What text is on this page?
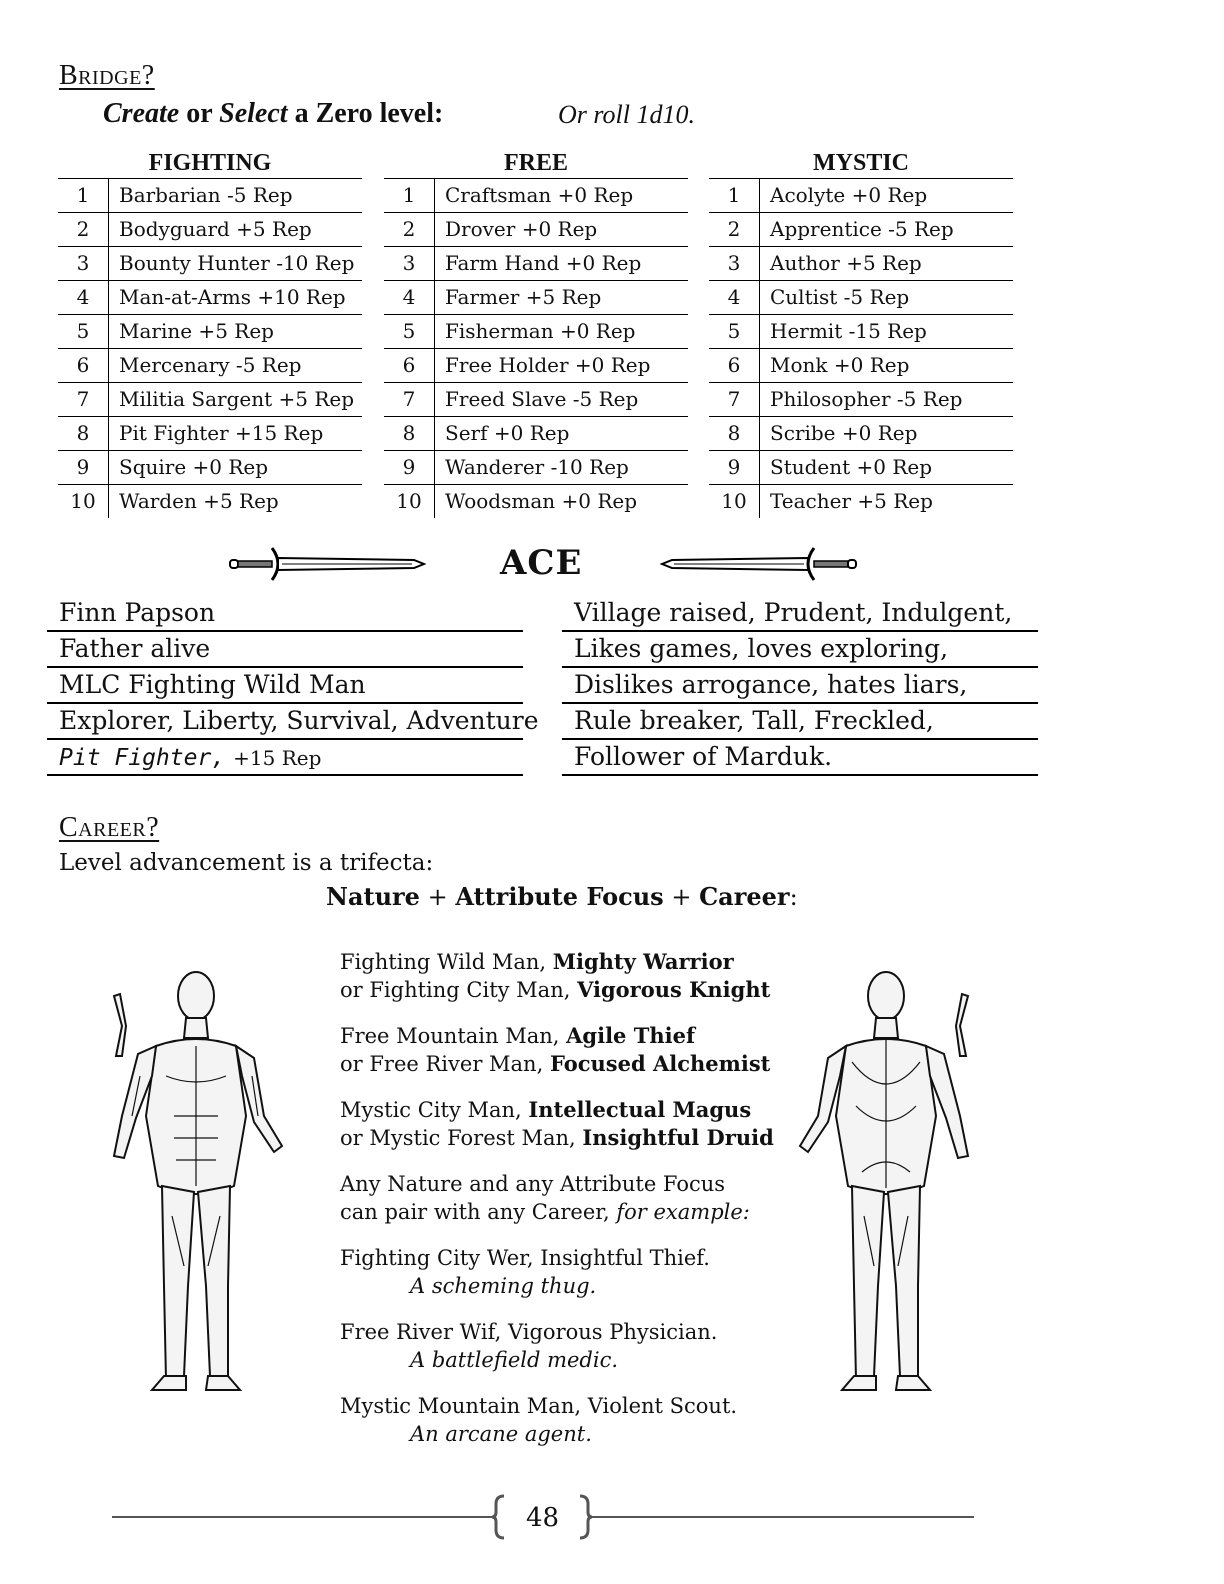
Bridge?
Create or Select a Zero level:	Or roll 1d10.
FIGHTING
1	Barbarian -5 Rep
2	Bodyguard +5 Rep
3	Bounty Hunter -10 Rep
4	Man-at-Arms +10 Rep
5	Marine +5 Rep
6	Mercenary -5 Rep
7	Militia Sargent +5 Rep
8	Pit Fighter +15 Rep
9	Squire +0 Rep
10	Warden +5 Rep
FREE
1	Craftsman +0 Rep
2	Drover +0 Rep
3	Farm Hand +0 Rep
4	Farmer +5 Rep
5	Fisherman +0 Rep
6	Free Holder +0 Rep
7	Freed Slave -5 Rep
8	Serf +0 Rep
9	Wanderer -10 Rep
10	Woodsman +0 Rep
MYSTIC
1	Acolyte +0 Rep
2	Apprentice -5 Rep
3	Author +5 Rep
4	Cultist -5 Rep
5	Hermit -15 Rep
6	Monk +0 Rep
7	Philosopher -5 Rep
8	Scribe +0 Rep
9	Student +0 Rep
10	Teacher +5 Rep
ACE
Finn Papson
Father alive
MLC Fighting Wild Man
Explorer, Liberty, Survival, Adventure
Pit Fighter, +15 Rep
Village raised, Prudent, Indulgent,
Likes games, loves exploring,
Dislikes arrogance, hates liars,
Rule breaker, Tall, Freckled,
Follower of Marduk.
Career?
Level advancement is a trifecta:
Nature + Attribute Focus + Career:
Fighting Wild Man, Mighty Warrior
or Fighting City Man, Vigorous Knight
Free Mountain Man, Agile Thief
or Free River Man, Focused Alchemist
Mystic City Man, Intellectual Magus
or Mystic Forest Man, Insightful Druid
Any Nature and any Attribute Focus
can pair with any Career, for example:
Fighting City Wer, Insightful Thief.
A scheming thug.
Free River Wif, Vigorous Physician.
A battlefield medic.
Mystic Mountain Man, Violent Scout.
An arcane agent.
48
